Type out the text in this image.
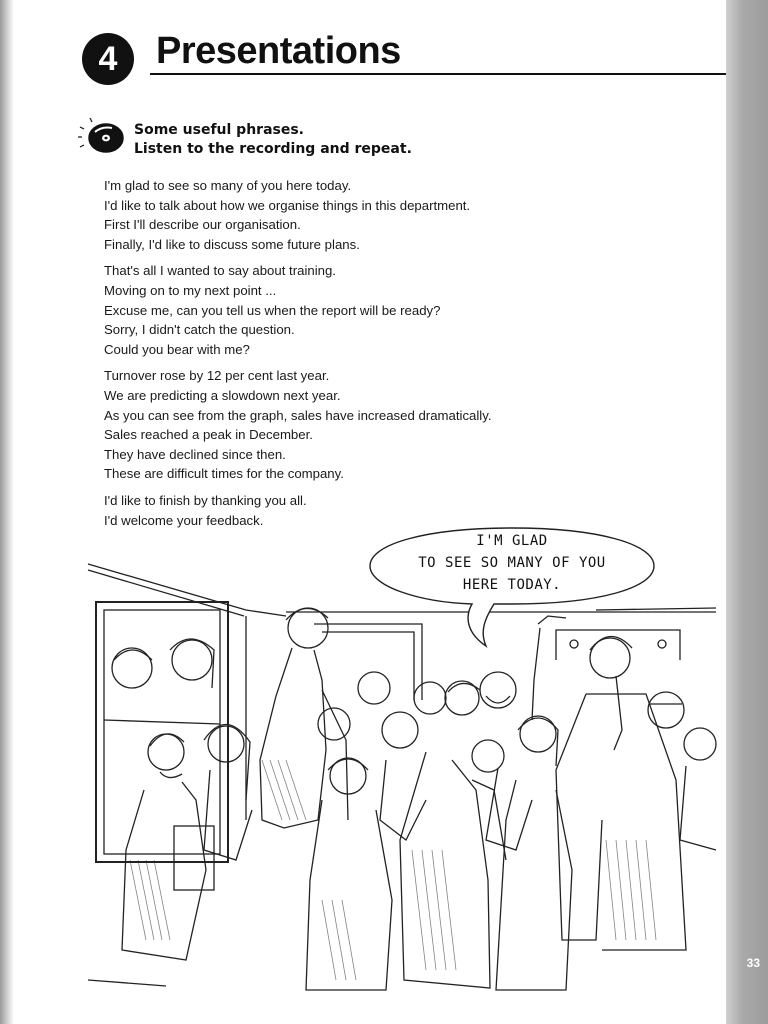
33
4	Presentations
Some useful phrases.
Listen to the recording and repeat.
I'm glad to see so many of you here today.
I'd like to talk about how we organise things in this department.
First I'll describe our organisation.
Finally, I'd like to discuss some future plans.
That's all I wanted to say about training.
Moving on to my next point ...
Excuse me, can you tell us when the report will be ready?
Sorry, I didn't catch the question.
Could you bear with me?
Turnover rose by 12 per cent last year.
We are predicting a slowdown next year.
As you can see from the graph, sales have increased dramatically.
Sales reached a peak in December.
They have declined since then.
These are difficult times for the company.
I'd like to finish by thanking you all.
I'd welcome your feedback.
I'M GLAD
TO SEE SO MANY OF YOU
HERE TODAY.
